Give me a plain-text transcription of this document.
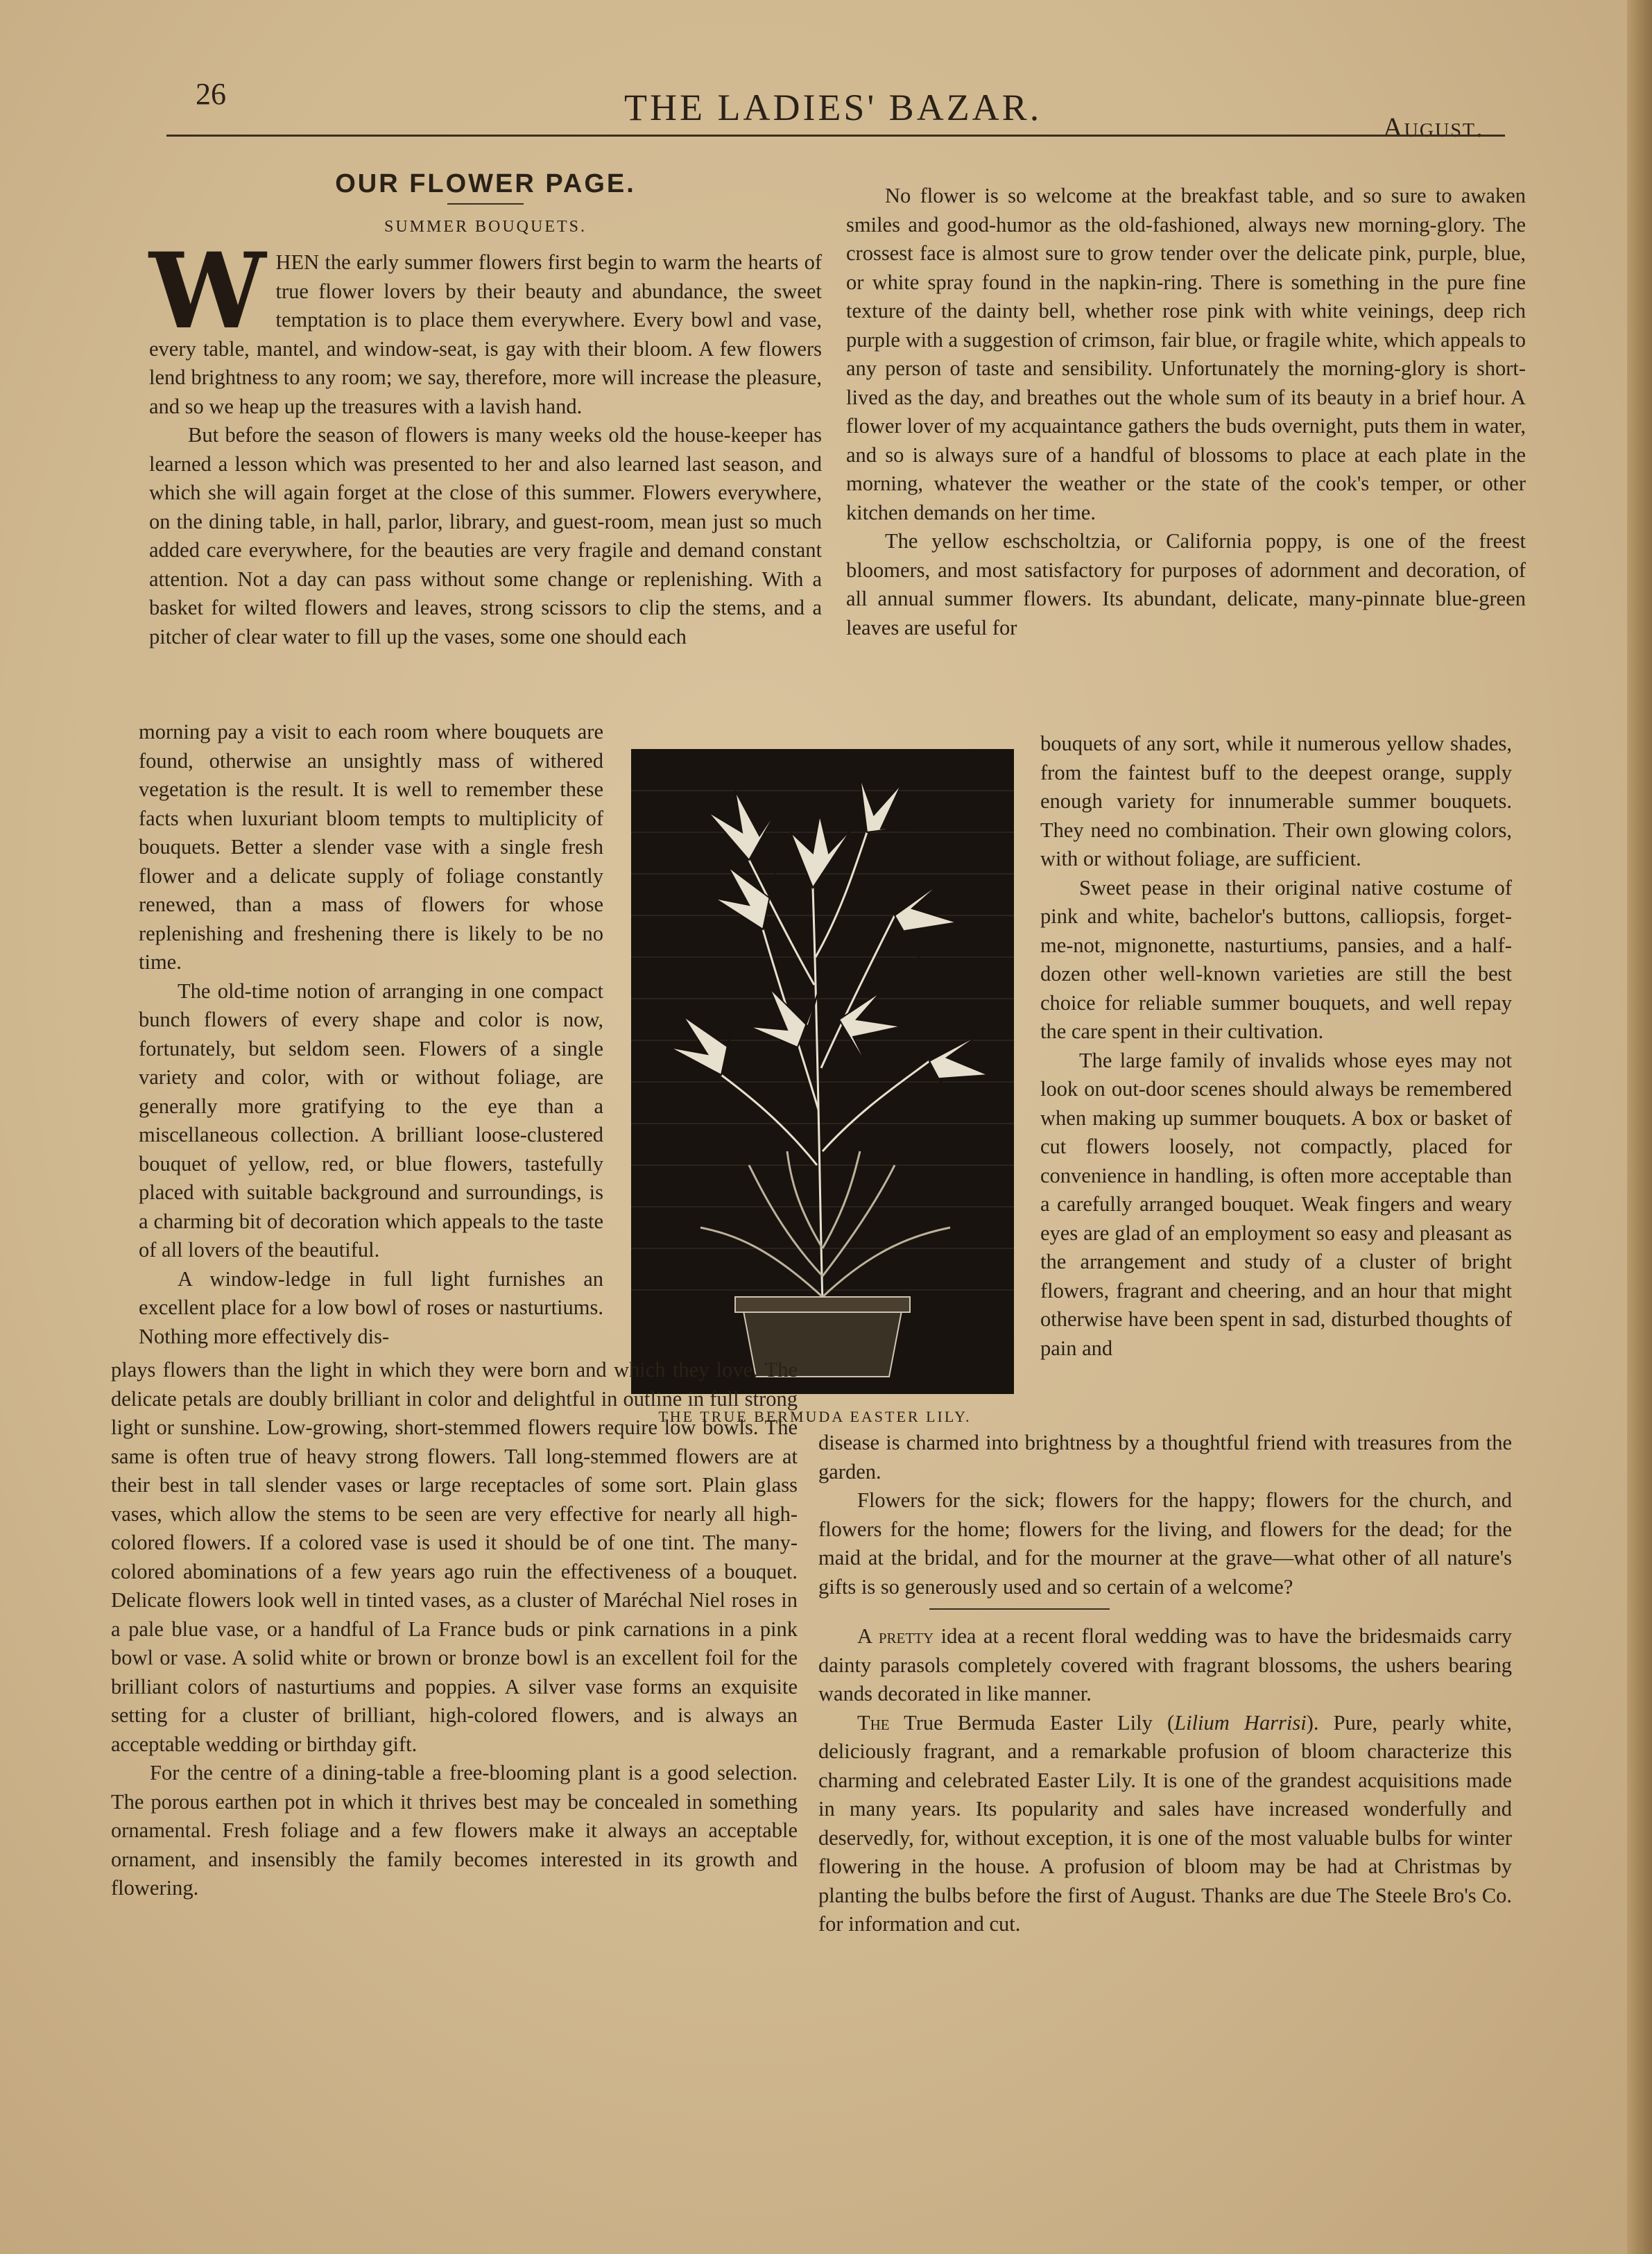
26	THE LADIES' BAZAR.	August.
OUR FLOWER PAGE.
SUMMER BOUQUETS.

WHEN the early summer flowers first begin to warm the hearts of true flower lovers by their beauty and abundance, the sweet temptation is to place them everywhere. Every bowl and vase, every table, mantel, and window-seat, is gay with their bloom. A few flowers lend brightness to any room; we say, therefore, more will increase the pleasure, and so we heap up the treasures with a lavish hand.

But before the season of flowers is many weeks old the house-keeper has learned a lesson which was presented to her and also learned last season, and which she will again forget at the close of this summer. Flowers everywhere, on the dining table, in hall, parlor, library, and guest-room, mean just so much added care everywhere, for the beauties are very fragile and demand constant attention. Not a day can pass without some change or replenishing. With a basket for wilted flowers and leaves, strong scissors to clip the stems, and a pitcher of clear water to fill up the vases, some one should each

morning pay a visit to each room where bouquets are found, otherwise an unsightly mass of withered vegetation is the result. It is well to remember these facts when luxuriant bloom tempts to multiplicity of bouquets. Better a slender vase with a single fresh flower and a delicate supply of foliage constantly renewed, than a mass of flowers for whose replenishing and freshening there is likely to be no time.

The old-time notion of arranging in one compact bunch flowers of every shape and color is now, fortunately, but seldom seen. Flowers of a single variety and color, with or without foliage, are generally more gratifying to the eye than a miscellaneous collection. A brilliant loose-clustered bouquet of yellow, red, or blue flowers, tastefully placed with suitable background and surroundings, is a charming bit of decoration which appeals to the taste of all lovers of the beautiful.

A window-ledge in full light furnishes an excellent place for a low bowl of roses or nasturtiums. Nothing more effectively dis-

THE TRUE BERMUDA EASTER LILY.

plays flowers than the light in which they were born and which they love. The delicate petals are doubly brilliant in color and delightful in outline in full strong light or sunshine. Low-growing, short-stemmed flowers require low bowls. The same is often true of heavy strong flowers. Tall long-stemmed flowers are at their best in tall slender vases or large receptacles of some sort. Plain glass vases, which allow the stems to be seen are very effective for nearly all high-colored flowers. If a colored vase is used it should be of one tint. The many-colored abominations of a few years ago ruin the effectiveness of a bouquet. Delicate flowers look well in tinted vases, as a cluster of Maréchal Niel roses in a pale blue vase, or a handful of La France buds or pink carnations in a pink bowl or vase. A solid white or brown or bronze bowl is an excellent foil for the brilliant colors of nasturtiums and poppies. A silver vase forms an exquisite setting for a cluster of brilliant, high-colored flowers, and is always an acceptable wedding or birthday gift.

For the centre of a dining-table a free-blooming plant is a good selection. The porous earthen pot in which it thrives best may be concealed in something ornamental. Fresh foliage and a few flowers make it always an acceptable ornament, and insensibly the family becomes interested in its growth and flowering.

No flower is so welcome at the breakfast table, and so sure to awaken smiles and good-humor as the old-fashioned, always new morning-glory. The crossest face is almost sure to grow tender over the delicate pink, purple, blue, or white spray found in the napkin-ring. There is something in the pure fine texture of the dainty bell, whether rose pink with white veinings, deep rich purple with a suggestion of crimson, fair blue, or fragile white, which appeals to any person of taste and sensibility. Unfortunately the morning-glory is short-lived as the day, and breathes out the whole sum of its beauty in a brief hour. A flower lover of my acquaintance gathers the buds overnight, puts them in water, and so is always sure of a handful of blossoms to place at each plate in the morning, whatever the weather or the state of the cook's temper, or other kitchen demands on her time.

The yellow eschscholtzia, or California poppy, is one of the freest bloomers, and most satisfactory for purposes of adornment and decoration, of all annual summer flowers. Its abundant, delicate, many-pinnate blue-green leaves are useful for

bouquets of any sort, while it numerous yellow shades, from the faintest buff to the deepest orange, supply enough variety for innumerable summer bouquets. They need no combination. Their own glowing colors, with or without foliage, are sufficient.

Sweet pease in their original native costume of pink and white, bachelor's buttons, calliopsis, forget-me-not, mignonette, nasturtiums, pansies, and a half-dozen other well-known varieties are still the best choice for reliable summer bouquets, and well repay the care spent in their cultivation.

The large family of invalids whose eyes may not look on out-door scenes should always be remembered when making up summer bouquets. A box or basket of cut flowers loosely, not compactly, placed for convenience in handling, is often more acceptable than a carefully arranged bouquet. Weak fingers and weary eyes are glad of an employment so easy and pleasant as the arrangement and study of a cluster of bright flowers, fragrant and cheering, and an hour that might otherwise have been spent in sad, disturbed thoughts of pain and

disease is charmed into brightness by a thoughtful friend with treasures from the garden.

Flowers for the sick; flowers for the happy; flowers for the church, and flowers for the home; flowers for the living, and flowers for the dead; for the maid at the bridal, and for the mourner at the grave—what other of all nature's gifts is so generously used and so certain of a welcome?

A pretty idea at a recent floral wedding was to have the bridesmaids carry dainty parasols completely covered with fragrant blossoms, the ushers bearing wands decorated in like manner.

The True Bermuda Easter Lily (Lilium Harrisi). Pure, pearly white, deliciously fragrant, and a remarkable profusion of bloom characterize this charming and celebrated Easter Lily. It is one of the grandest acquisitions made in many years. Its popularity and sales have increased wonderfully and deservedly, for, without exception, it is one of the most valuable bulbs for winter flowering in the house. A profusion of bloom may be had at Christmas by planting the bulbs before the first of August. Thanks are due The Steele Bro's Co. for information and cut.
